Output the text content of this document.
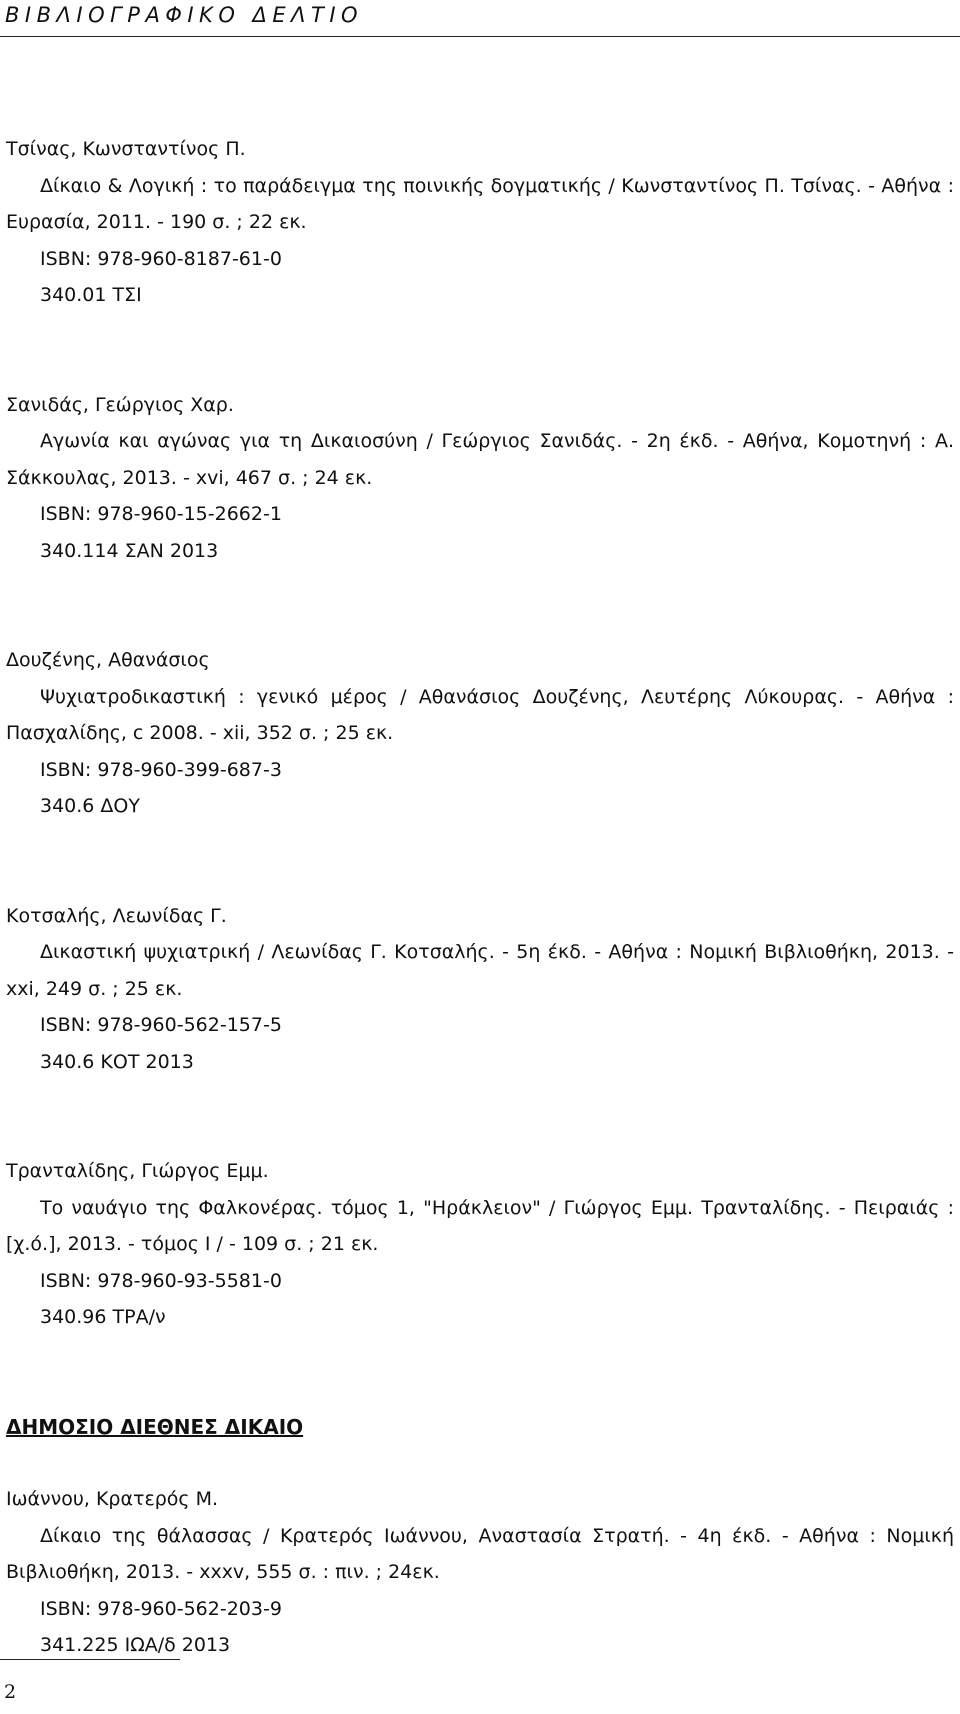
ΒΙΒΛΙΟΓΡΑΦΙΚΟ ΔΕΛΤΙΟ
Τσίνας, Κωνσταντίνος Π.
Δίκαιο & Λογική : το παράδειγμα της ποινικής δογματικής / Κωνσταντίνος Π. Τσίνας. - Αθήνα : Ευρασία, 2011. - 190 σ. ; 22 εκ.
ISBN: 978-960-8187-61-0
340.01 ΤΣΙ
Σανιδάς, Γεώργιος Χαρ.
Αγωνία και αγώνας για τη Δικαιοσύνη / Γεώργιος Σανιδάς. - 2η έκδ. - Αθήνα, Κομοτηνή : Α. Σάκκουλας, 2013. - xvi, 467 σ. ; 24 εκ.
ISBN: 978-960-15-2662-1
340.114 ΣΑΝ 2013
Δουζένης, Αθανάσιος
Ψυχιατροδικαστική : γενικό μέρος / Αθανάσιος Δουζένης, Λευτέρης Λύκουρας. - Αθήνα : Πασχαλίδης, c 2008. - xii, 352 σ. ; 25 εκ.
ISBN: 978-960-399-687-3
340.6 ΔΟΥ
Κοτσαλής, Λεωνίδας Γ.
Δικαστική ψυχιατρική / Λεωνίδας Γ. Κοτσαλής. - 5η έκδ. - Αθήνα : Νομική Βιβλιοθήκη, 2013. - xxi, 249 σ. ; 25 εκ.
ISBN: 978-960-562-157-5
340.6 ΚΟΤ 2013
Τρανταλίδης, Γιώργος Εμμ.
Το ναυάγιο της Φαλκονέρας. τόμος 1, "Ηράκλειον" / Γιώργος Εμμ. Τρανταλίδης. - Πειραιάς : [χ.ό.], 2013. - τόμος Ι / - 109 σ. ; 21 εκ.
ISBN: 978-960-93-5581-0
340.96 ΤΡΑ/ν
ΔΗΜΟΣΙΟ ΔΙΕΘΝΕΣ ΔΙΚΑΙΟ
Ιωάννου, Κρατερός Μ.
Δίκαιο της θάλασσας / Κρατερός Ιωάννου, Αναστασία Στρατή. - 4η έκδ. - Αθήνα : Νομική Βιβλιοθήκη, 2013. - xxxv, 555 σ. : πιν. ; 24εκ.
ISBN: 978-960-562-203-9
341.225 ΙΩΑ/δ 2013
2
